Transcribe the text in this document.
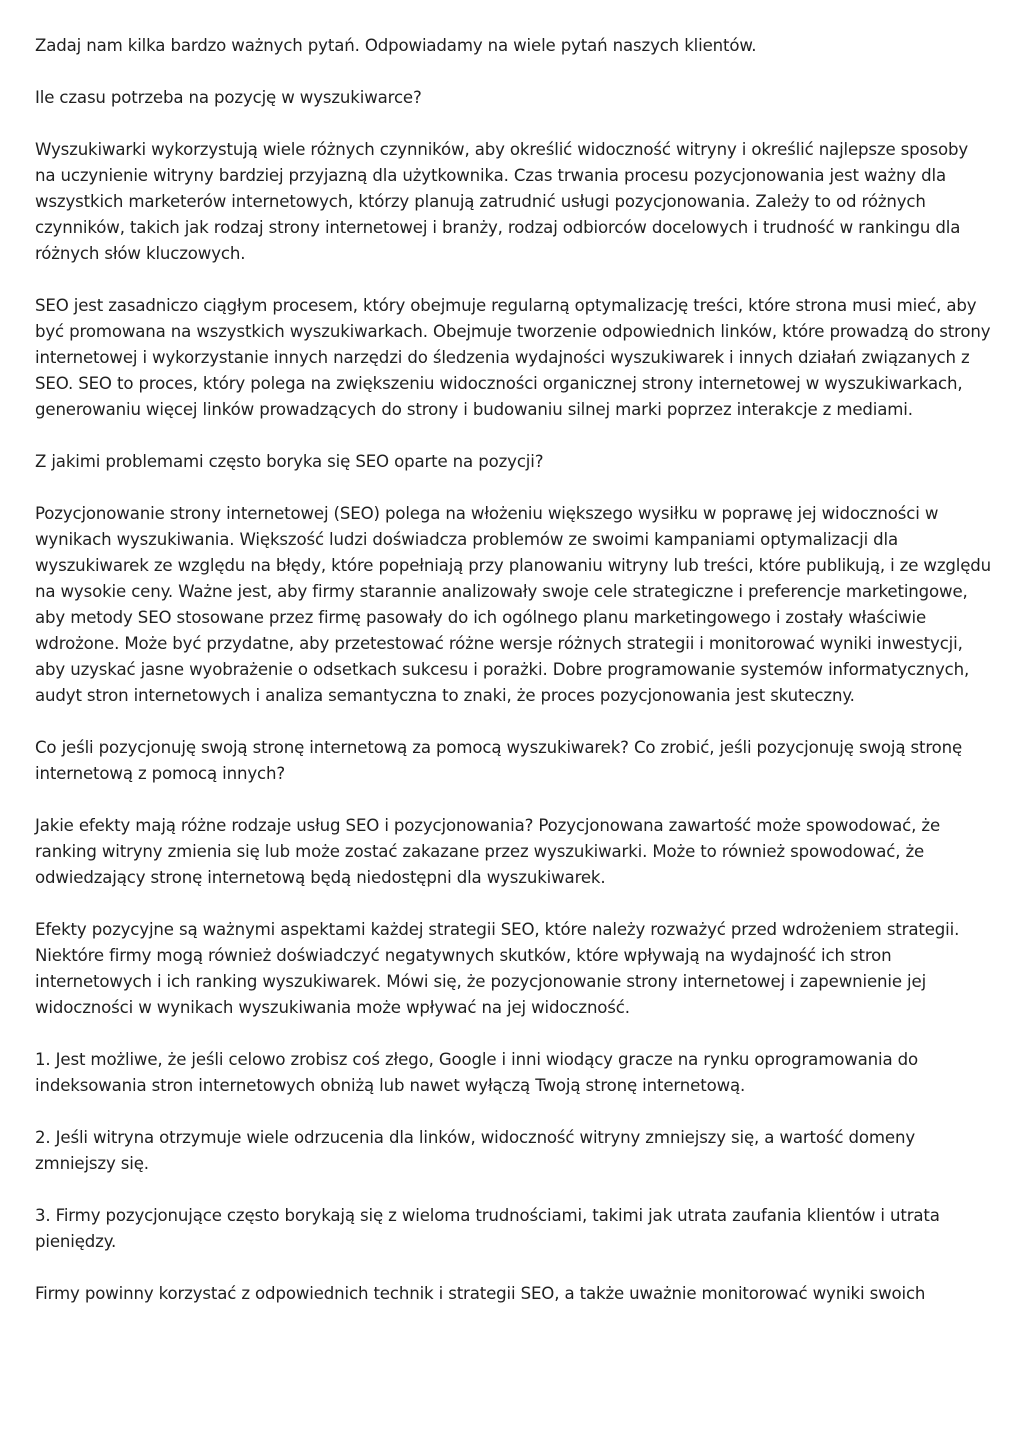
Zadaj nam kilka bardzo ważnych pytań. Odpowiadamy na wiele pytań naszych klientów.

Ile czasu potrzeba na pozycję w wyszukiwarce?

Wyszukiwarki wykorzystują wiele różnych czynników, aby określić widoczność witryny i określić najlepsze sposoby na uczynienie witryny bardziej przyjazną dla użytkownika. Czas trwania procesu pozycjonowania jest ważny dla wszystkich marketerów internetowych, którzy planują zatrudnić usługi pozycjonowania. Zależy to od różnych czynników, takich jak rodzaj strony internetowej i branży, rodzaj odbiorców docelowych i trudność w rankingu dla różnych słów kluczowych.

SEO jest zasadniczo ciągłym procesem, który obejmuje regularną optymalizację treści, które strona musi mieć, aby być promowana na wszystkich wyszukiwarkach. Obejmuje tworzenie odpowiednich linków, które prowadzą do strony internetowej i wykorzystanie innych narzędzi do śledzenia wydajności wyszukiwarek i innych działań związanych z SEO. SEO to proces, który polega na zwiększeniu widoczności organicznej strony internetowej w wyszukiwarkach, generowaniu więcej linków prowadzących do strony i budowaniu silnej marki poprzez interakcje z mediami.

Z jakimi problemami często boryka się SEO oparte na pozycji?

Pozycjonowanie strony internetowej (SEO) polega na włożeniu większego wysiłku w poprawę jej widoczności w wynikach wyszukiwania. Większość ludzi doświadcza problemów ze swoimi kampaniami optymalizacji dla wyszukiwarek ze względu na błędy, które popełniają przy planowaniu witryny lub treści, które publikują, i ze względu na wysokie ceny. Ważne jest, aby firmy starannie analizowały swoje cele strategiczne i preferencje marketingowe, aby metody SEO stosowane przez firmę pasowały do ich ogólnego planu marketingowego i zostały właściwie wdrożone. Może być przydatne, aby przetestować różne wersje różnych strategii i monitorować wyniki inwestycji, aby uzyskać jasne wyobrażenie o odsetkach sukcesu i porażki. Dobre programowanie systemów informatycznych, audyt stron internetowych i analiza semantyczna to znaki, że proces pozycjonowania jest skuteczny.

Co jeśli pozycjonuję swoją stronę internetową za pomocą wyszukiwarek? Co zrobić, jeśli pozycjonuję swoją stronę internetową z pomocą innych?

Jakie efekty mają różne rodzaje usług SEO i pozycjonowania? Pozycjonowana zawartość może spowodować, że ranking witryny zmienia się lub może zostać zakazane przez wyszukiwarki. Może to również spowodować, że odwiedzający stronę internetową będą niedostępni dla wyszukiwarek.

Efekty pozycyjne są ważnymi aspektami każdej strategii SEO, które należy rozważyć przed wdrożeniem strategii. Niektóre firmy mogą również doświadczyć negatywnych skutków, które wpływają na wydajność ich stron internetowych i ich ranking wyszukiwarek. Mówi się, że pozycjonowanie strony internetowej i zapewnienie jej widoczności w wynikach wyszukiwania może wpływać na jej widoczność.

1. Jest możliwe, że jeśli celowo zrobisz coś złego, Google i inni wiodący gracze na rynku oprogramowania do indeksowania stron internetowych obniżą lub nawet wyłączą Twoją stronę internetową.

2. Jeśli witryna otrzymuje wiele odrzucenia dla linków, widoczność witryny zmniejszy się, a wartość domeny zmniejszy się.

3. Firmy pozycjonujące często borykają się z wieloma trudnościami, takimi jak utrata zaufania klientów i utrata pieniędzy.

Firmy powinny korzystać z odpowiednich technik i strategii SEO, a także uważnie monitorować wyniki swoich
